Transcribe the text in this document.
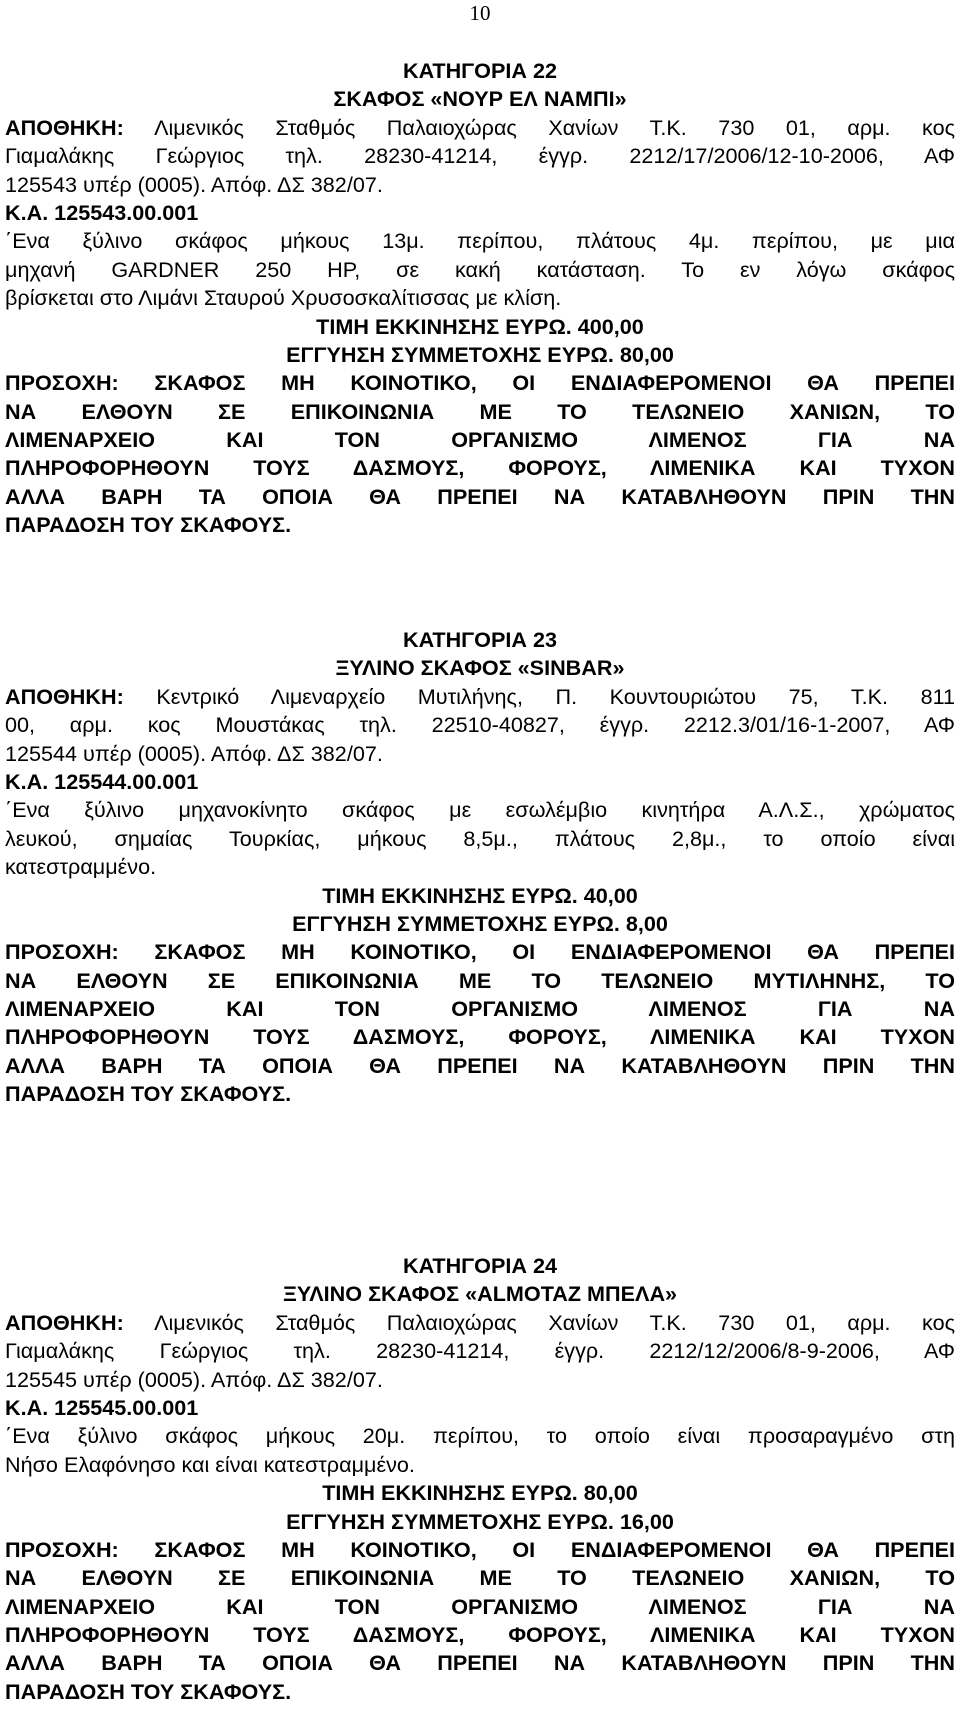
10
ΚΑΤΗΓΟΡΙΑ 22
ΣΚΑΦΟΣ «ΝΟΥΡ ΕΛ ΝΑΜΠΙ»
ΑΠΟΘΗΚΗ: Λιμενικός Σταθμός Παλαιοχώρας Χανίων Τ.Κ. 730 01, αρμ. κος
Γιαμαλάκης Γεώργιος τηλ. 28230-41214, έγγρ. 2212/17/2006/12-10-2006, ΑΦ
125543 υπέρ (0005). Απόφ. ΔΣ 382/07.
Κ.Α. 125543.00.001
΄Ενα ξύλινο σκάφος μήκους 13μ. περίπου, πλάτους 4μ. περίπου, με μια
μηχανή GARDNER 250 HP, σε κακή κατάσταση. Το εν λόγω σκάφος
βρίσκεται στο Λιμάνι Σταυρού Χρυσοσκαλίτισσας με κλίση.
ΤΙΜΗ ΕΚΚΙΝΗΣΗΣ ΕΥΡΩ. 400,00
ΕΓΓΥΗΣΗ ΣΥΜΜΕΤΟΧΗΣ ΕΥΡΩ. 80,00
ΠΡΟΣΟΧΗ: ΣΚΑΦΟΣ ΜΗ ΚΟΙΝΟΤΙΚΟ, ΟΙ ΕΝΔΙΑΦΕΡΟΜΕΝΟΙ ΘΑ ΠΡΕΠΕΙ
ΝΑ ΕΛΘΟΥΝ ΣΕ ΕΠΙΚΟΙΝΩΝΙΑ ΜΕ ΤΟ ΤΕΛΩΝΕΙΟ ΧΑΝΙΩΝ, ΤΟ
ΛΙΜΕΝΑΡΧΕΙΟ ΚΑΙ ΤΟΝ ΟΡΓΑΝΙΣΜΟ ΛΙΜΕΝΟΣ ΓΙΑ ΝΑ
ΠΛΗΡΟΦΟΡΗΘΟΥΝ ΤΟΥΣ ΔΑΣΜΟΥΣ, ΦΟΡΟΥΣ, ΛΙΜΕΝΙΚΑ ΚΑΙ ΤΥΧΟΝ
ΑΛΛΑ ΒΑΡΗ ΤΑ ΟΠΟΙΑ ΘΑ ΠΡΕΠΕΙ ΝΑ ΚΑΤΑΒΛΗΘΟΥΝ ΠΡΙΝ ΤΗΝ
ΠΑΡΑΔΟΣΗ ΤΟΥ ΣΚΑΦΟΥΣ.
ΚΑΤΗΓΟΡΙΑ 23
ΞΥΛΙΝΟ ΣΚΑΦΟΣ «SINBAR»
ΑΠΟΘΗΚΗ: Κεντρικό Λιμεναρχείο Μυτιλήνης, Π. Κουντουριώτου 75, Τ.Κ. 811
00, αρμ. κος Μουστάκας τηλ. 22510-40827, έγγρ. 2212.3/01/16-1-2007, ΑΦ
125544 υπέρ (0005). Απόφ. ΔΣ 382/07.
Κ.Α. 125544.00.001
΄Ενα ξύλινο μηχανοκίνητο σκάφος με εσωλέμβιο κινητήρα Α.Λ.Σ., χρώματος
λευκού, σημαίας Τουρκίας, μήκους 8,5μ., πλάτους 2,8μ., το οποίο είναι
κατεστραμμένο.
ΤΙΜΗ ΕΚΚΙΝΗΣΗΣ ΕΥΡΩ. 40,00
ΕΓΓΥΗΣΗ ΣΥΜΜΕΤΟΧΗΣ ΕΥΡΩ. 8,00
ΠΡΟΣΟΧΗ: ΣΚΑΦΟΣ ΜΗ ΚΟΙΝΟΤΙΚΟ, ΟΙ ΕΝΔΙΑΦΕΡΟΜΕΝΟΙ ΘΑ ΠΡΕΠΕΙ
ΝΑ ΕΛΘΟΥΝ ΣΕ ΕΠΙΚΟΙΝΩΝΙΑ ΜΕ ΤΟ ΤΕΛΩΝΕΙΟ ΜΥΤΙΛΗΝΗΣ, ΤΟ
ΛΙΜΕΝΑΡΧΕΙΟ ΚΑΙ ΤΟΝ ΟΡΓΑΝΙΣΜΟ ΛΙΜΕΝΟΣ ΓΙΑ ΝΑ
ΠΛΗΡΟΦΟΡΗΘΟΥΝ ΤΟΥΣ ΔΑΣΜΟΥΣ, ΦΟΡΟΥΣ, ΛΙΜΕΝΙΚΑ ΚΑΙ ΤΥΧΟΝ
ΑΛΛΑ ΒΑΡΗ ΤΑ ΟΠΟΙΑ ΘΑ ΠΡΕΠΕΙ ΝΑ ΚΑΤΑΒΛΗΘΟΥΝ ΠΡΙΝ ΤΗΝ
ΠΑΡΑΔΟΣΗ ΤΟΥ ΣΚΑΦΟΥΣ.
ΚΑΤΗΓΟΡΙΑ 24
ΞΥΛΙΝΟ ΣΚΑΦΟΣ «ALMOTAZ ΜΠΕΛΑ»
ΑΠΟΘΗΚΗ: Λιμενικός Σταθμός Παλαιοχώρας Χανίων Τ.Κ. 730 01, αρμ. κος
Γιαμαλάκης Γεώργιος τηλ. 28230-41214, έγγρ. 2212/12/2006/8-9-2006, ΑΦ
125545 υπέρ (0005). Απόφ. ΔΣ 382/07.
Κ.Α. 125545.00.001
΄Ενα ξύλινο σκάφος μήκους 20μ. περίπου, το οποίο είναι προσαραγμένο στη
Νήσο Ελαφόνησο και είναι κατεστραμμένο.
ΤΙΜΗ ΕΚΚΙΝΗΣΗΣ ΕΥΡΩ. 80,00
ΕΓΓΥΗΣΗ ΣΥΜΜΕΤΟΧΗΣ ΕΥΡΩ. 16,00
ΠΡΟΣΟΧΗ: ΣΚΑΦΟΣ ΜΗ ΚΟΙΝΟΤΙΚΟ, ΟΙ ΕΝΔΙΑΦΕΡΟΜΕΝΟΙ ΘΑ ΠΡΕΠΕΙ
ΝΑ ΕΛΘΟΥΝ ΣΕ ΕΠΙΚΟΙΝΩΝΙΑ ΜΕ ΤΟ ΤΕΛΩΝΕΙΟ ΧΑΝΙΩΝ, ΤΟ
ΛΙΜΕΝΑΡΧΕΙΟ ΚΑΙ ΤΟΝ ΟΡΓΑΝΙΣΜΟ ΛΙΜΕΝΟΣ ΓΙΑ ΝΑ
ΠΛΗΡΟΦΟΡΗΘΟΥΝ ΤΟΥΣ ΔΑΣΜΟΥΣ, ΦΟΡΟΥΣ, ΛΙΜΕΝΙΚΑ ΚΑΙ ΤΥΧΟΝ
ΑΛΛΑ ΒΑΡΗ ΤΑ ΟΠΟΙΑ ΘΑ ΠΡΕΠΕΙ ΝΑ ΚΑΤΑΒΛΗΘΟΥΝ ΠΡΙΝ ΤΗΝ
ΠΑΡΑΔΟΣΗ ΤΟΥ ΣΚΑΦΟΥΣ.
